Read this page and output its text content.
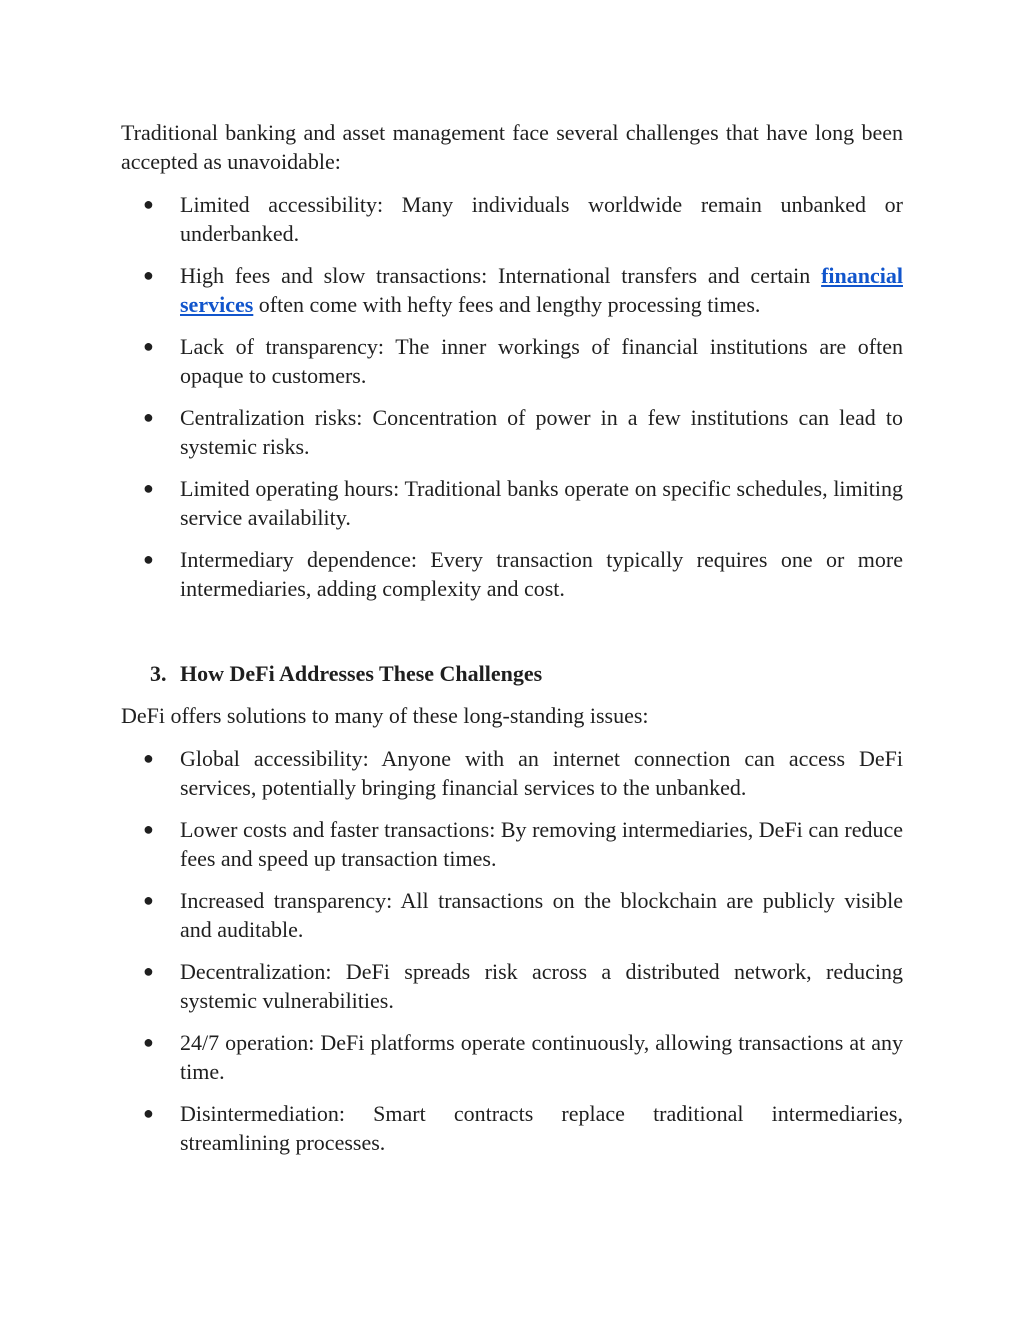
Traditional banking and asset management face several challenges that have long been accepted as unavoidable:

● Limited accessibility: Many individuals worldwide remain unbanked or underbanked.
● High fees and slow transactions: International transfers and certain financial services often come with hefty fees and lengthy processing times.
● Lack of transparency: The inner workings of financial institutions are often opaque to customers.
● Centralization risks: Concentration of power in a few institutions can lead to systemic risks.
● Limited operating hours: Traditional banks operate on specific schedules, limiting service availability.
● Intermediary dependence: Every transaction typically requires one or more intermediaries, adding complexity and cost.
3. How DeFi Addresses These Challenges

DeFi offers solutions to many of these long-standing issues:

● Global accessibility: Anyone with an internet connection can access DeFi services, potentially bringing financial services to the unbanked.
● Lower costs and faster transactions: By removing intermediaries, DeFi can reduce fees and speed up transaction times.
● Increased transparency: All transactions on the blockchain are publicly visible and auditable.
● Decentralization: DeFi spreads risk across a distributed network, reducing systemic vulnerabilities.
● 24/7 operation: DeFi platforms operate continuously, allowing transactions at any time.
● Disintermediation: Smart contracts replace traditional intermediaries, streamlining processes.
